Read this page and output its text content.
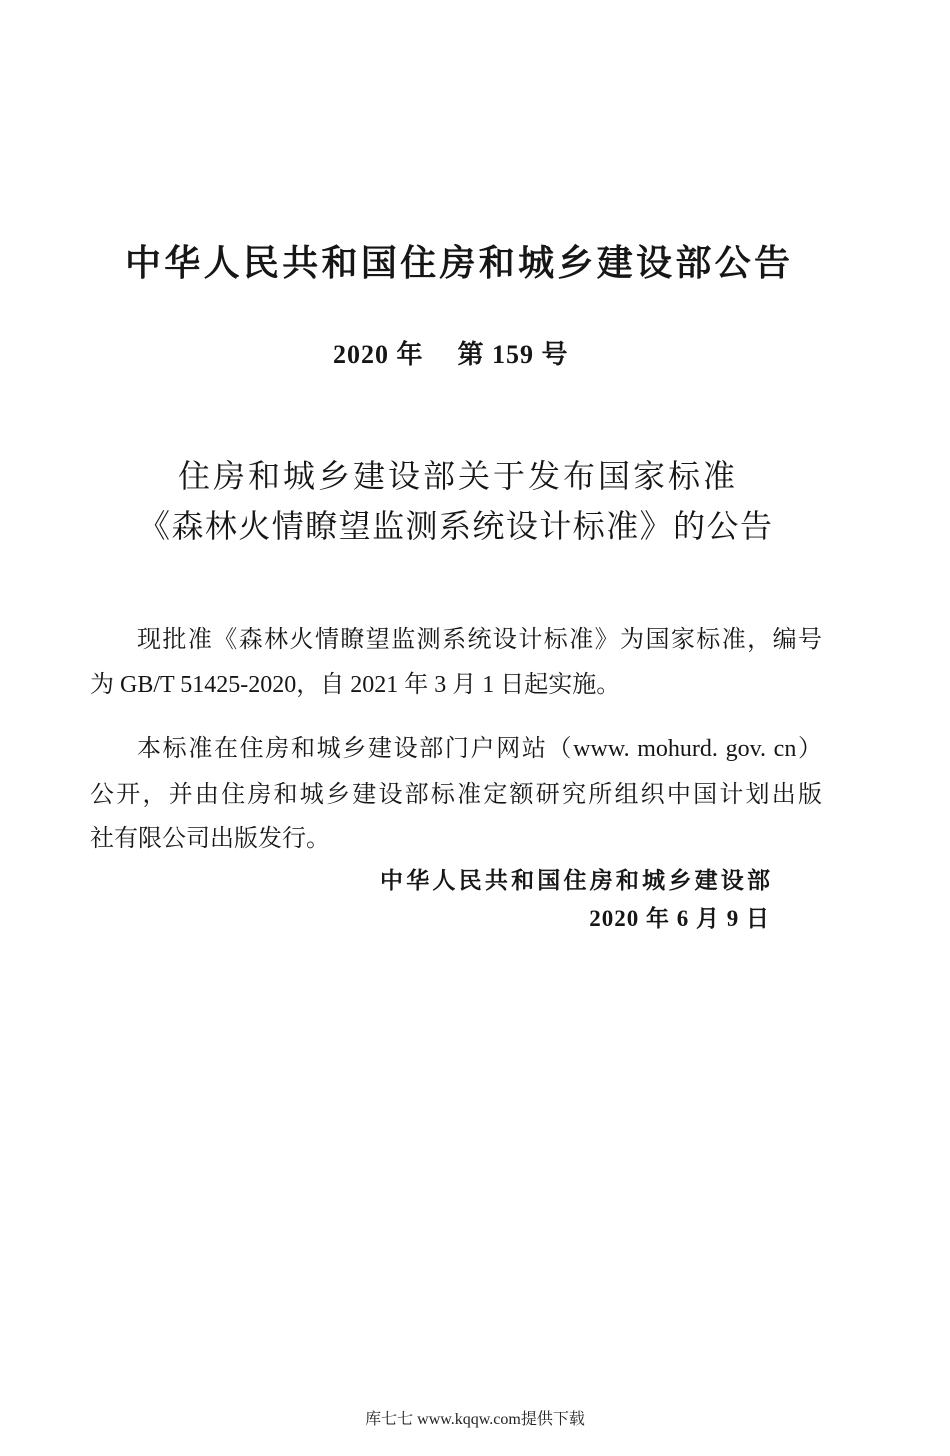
中华人民共和国住房和城乡建设部公告
2020 年 第 159 号
住房和城乡建设部关于发布国家标准
《森林火情瞭望监测系统设计标准》的公告
现批准《森林火情瞭望监测系统设计标准》为国家标准，编号
为 GB/T 51425-2020，自 2021 年 3 月 1 日起实施。
本标准在住房和城乡建设部门户网站（www. mohurd. gov. cn）
公开，并由住房和城乡建设部标准定额研究所组织中国计划出版
社有限公司出版发行。
中华人民共和国住房和城乡建设部
2020 年 6 月 9 日
库七七 www.kqqw.com提供下载
